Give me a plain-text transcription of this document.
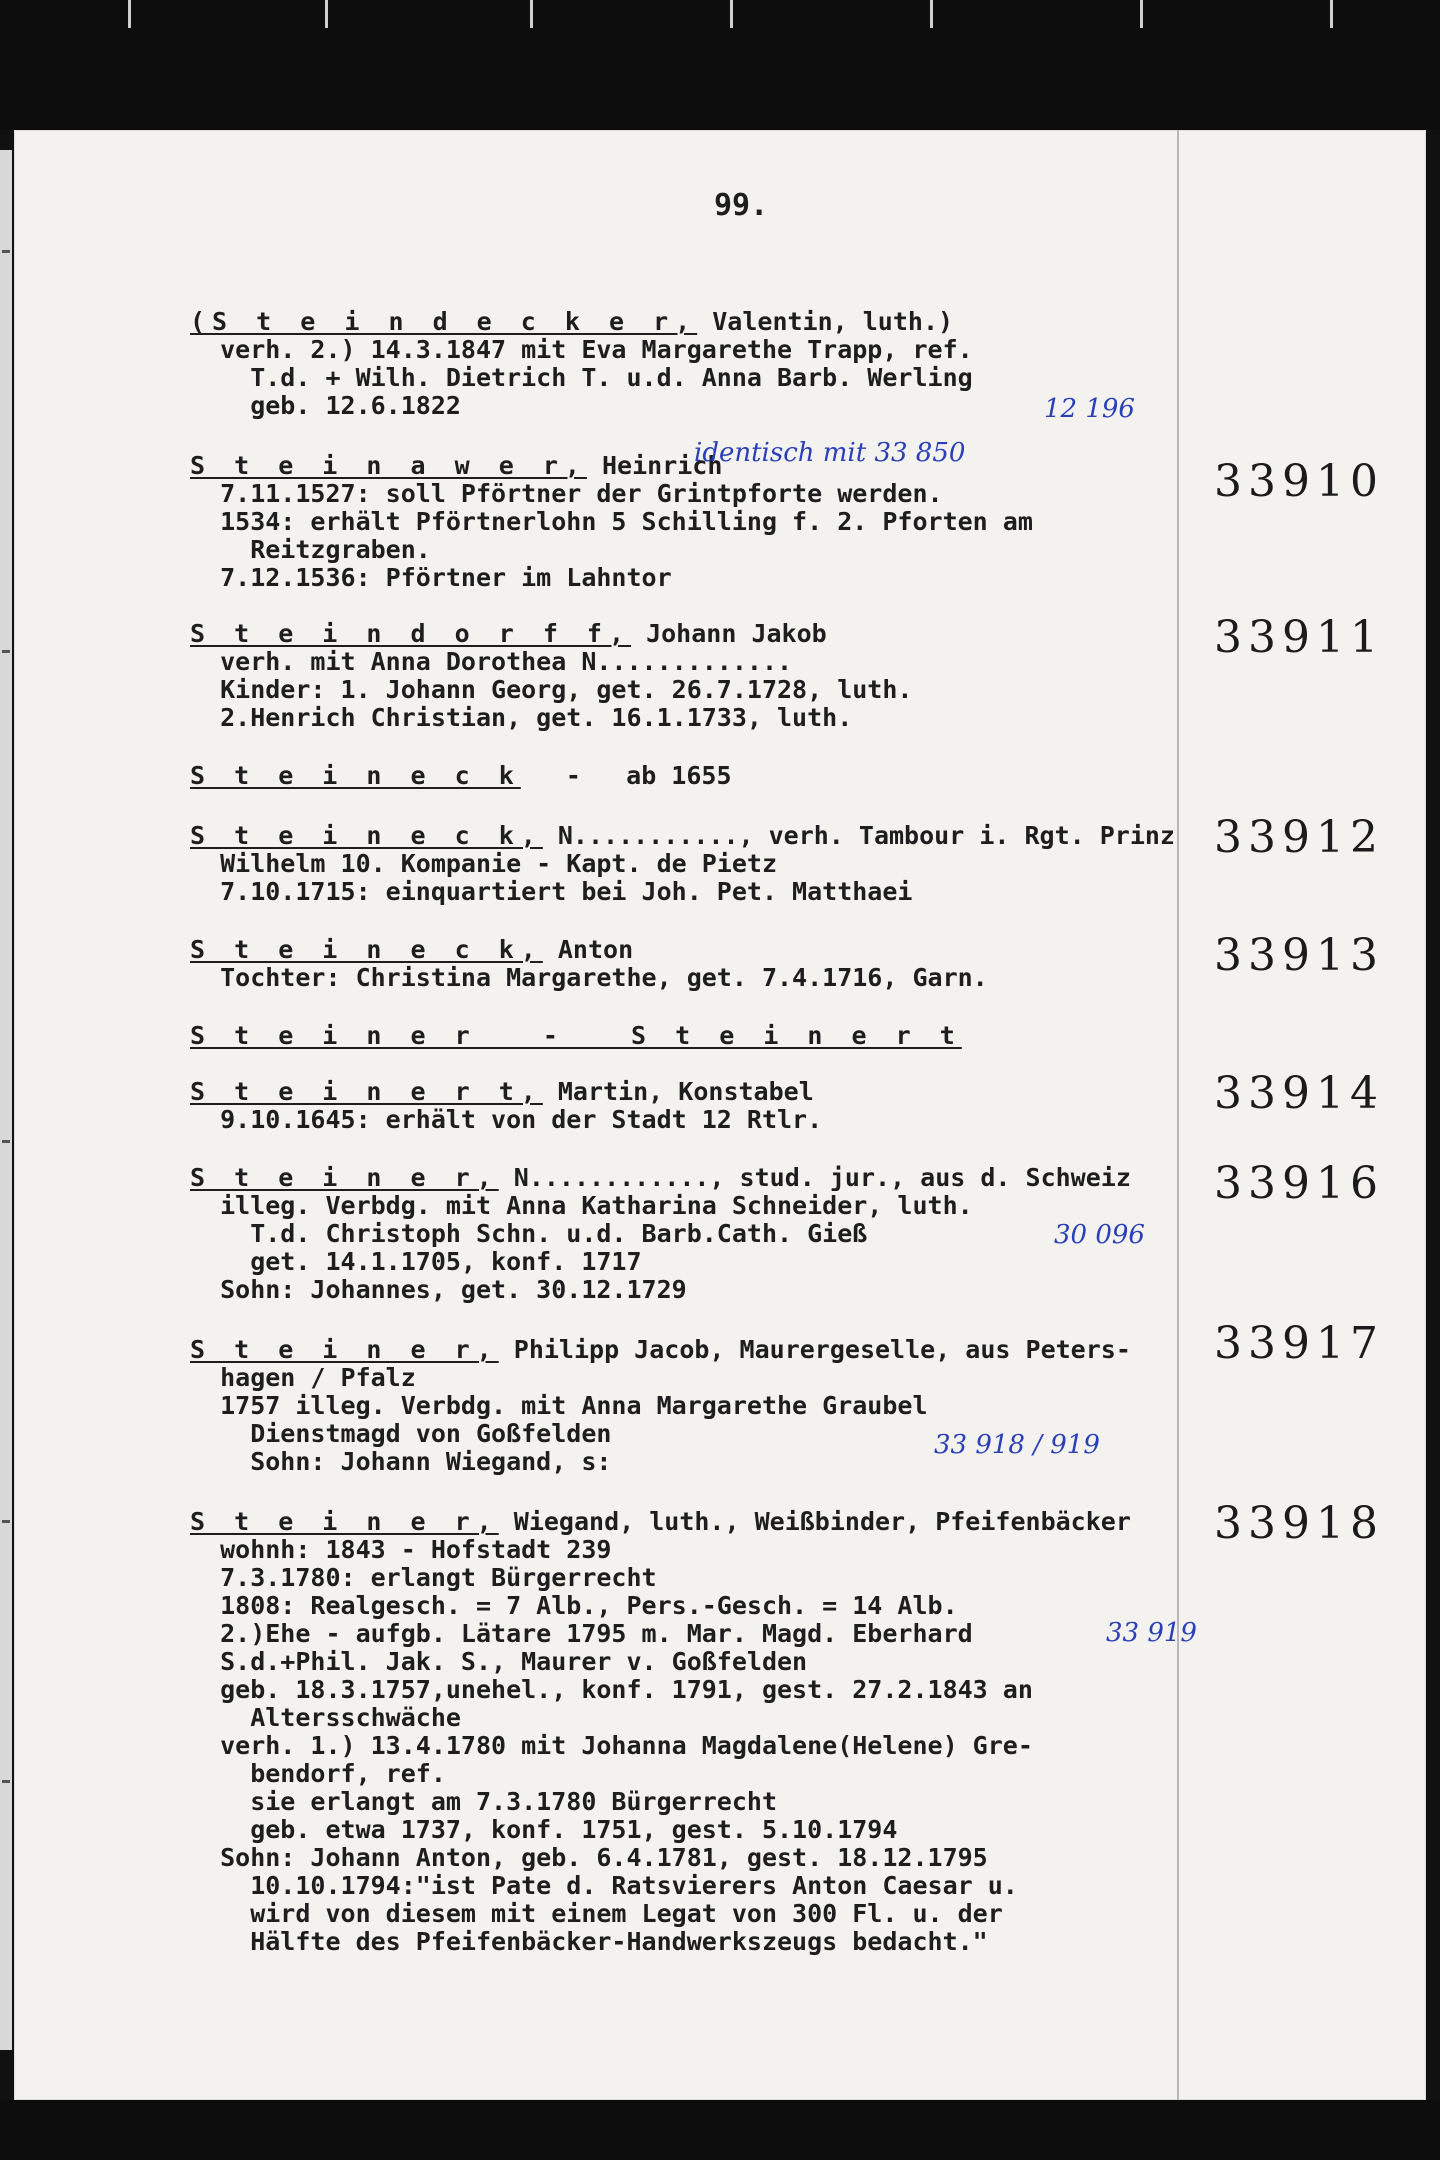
99.
(S t e i n d e c k e r, Valentin, luth.)
verh. 2.) 14.3.1847 mit Eva Margarethe Trapp, ref.
T.d. + Wilh. Dietrich T. u.d. Anna Barb. Werling
geb. 12.6.1822	12 196
S t e i n a w e r, Heinrich
identisch mit 33 850
33910
7.11.1527: soll Pförtner der Grintpforte werden.
1534: erhält Pförtnerlohn 5 Schilling f. 2. Pforten am
Reitzgraben.
7.12.1536: Pförtner im Lahntor
S t e i n d o r f f, Johann Jakob	33911
verh. mit Anna Dorothea N.............
Kinder: 1. Johann Georg, get. 26.7.1728, luth.
2.Henrich Christian, get. 16.1.1733, luth.
S t e i n e c k   -   ab 1655
S t e i n e c k, N..........., verh. Tambour i. Rgt. Prinz 33912
Wilhelm 10. Kompanie - Kapt. de Pietz
7.10.1715: einquartiert bei Joh. Pet. Matthaei
S t e i n e c k, Anton	33913
Tochter: Christina Margarethe, get. 7.4.1716, Garn.
S t e i n e r   -   S t e i n e r t
S t e i n e r t, Martin, Konstabel	33914
9.10.1645: erhält von der Stadt 12 Rtlr.
S t e i n e r, N............, stud. jur., aus d. Schweiz 33916
illeg. Verbdg. mit Anna Katharina Schneider, luth.
T.d. Christoph Schn. u.d. Barb.Cath. Gieß	30 096
get. 14.1.1705, konf. 1717
Sohn: Johannes, get. 30.12.1729
S t e i n e r, Philipp Jacob, Maurergeselle, aus Peters- 33917
hagen / Pfalz
1757 illeg. Verbdg. mit Anna Margarethe Graubel
Dienstmagd von Goßfelden
Sohn: Johann Wiegand, s:
33 918 / 919
S t e i n e r, Wiegand, luth., Weißbinder, Pfeifenbäcker 33918
wohnh: 1843 - Hofstadt 239
7.3.1780: erlangt Bürgerrecht
1808: Realgesch. = 7 Alb., Pers.-Gesch. = 14 Alb.
2.)Ehe - aufgb. Lätare 1795 m. Mar. Magd. Eberhard	33 919
S.d.+Phil. Jak. S., Maurer v. Goßfelden
geb. 18.3.1757,unehel., konf. 1791, gest. 27.2.1843 an
Altersschwäche
verh. 1.) 13.4.1780 mit Johanna Magdalene(Helene) Gre-
bendorf, ref.
sie erlangt am 7.3.1780 Bürgerrecht
geb. etwa 1737, konf. 1751, gest. 5.10.1794
Sohn: Johann Anton, geb. 6.4.1781, gest. 18.12.1795
10.10.1794:"ist Pate d. Ratsvierers Anton Caesar u.
wird von diesem mit einem Legat von 300 Fl. u. der
Hälfte des Pfeifenbäcker-Handwerkszeugs bedacht."
